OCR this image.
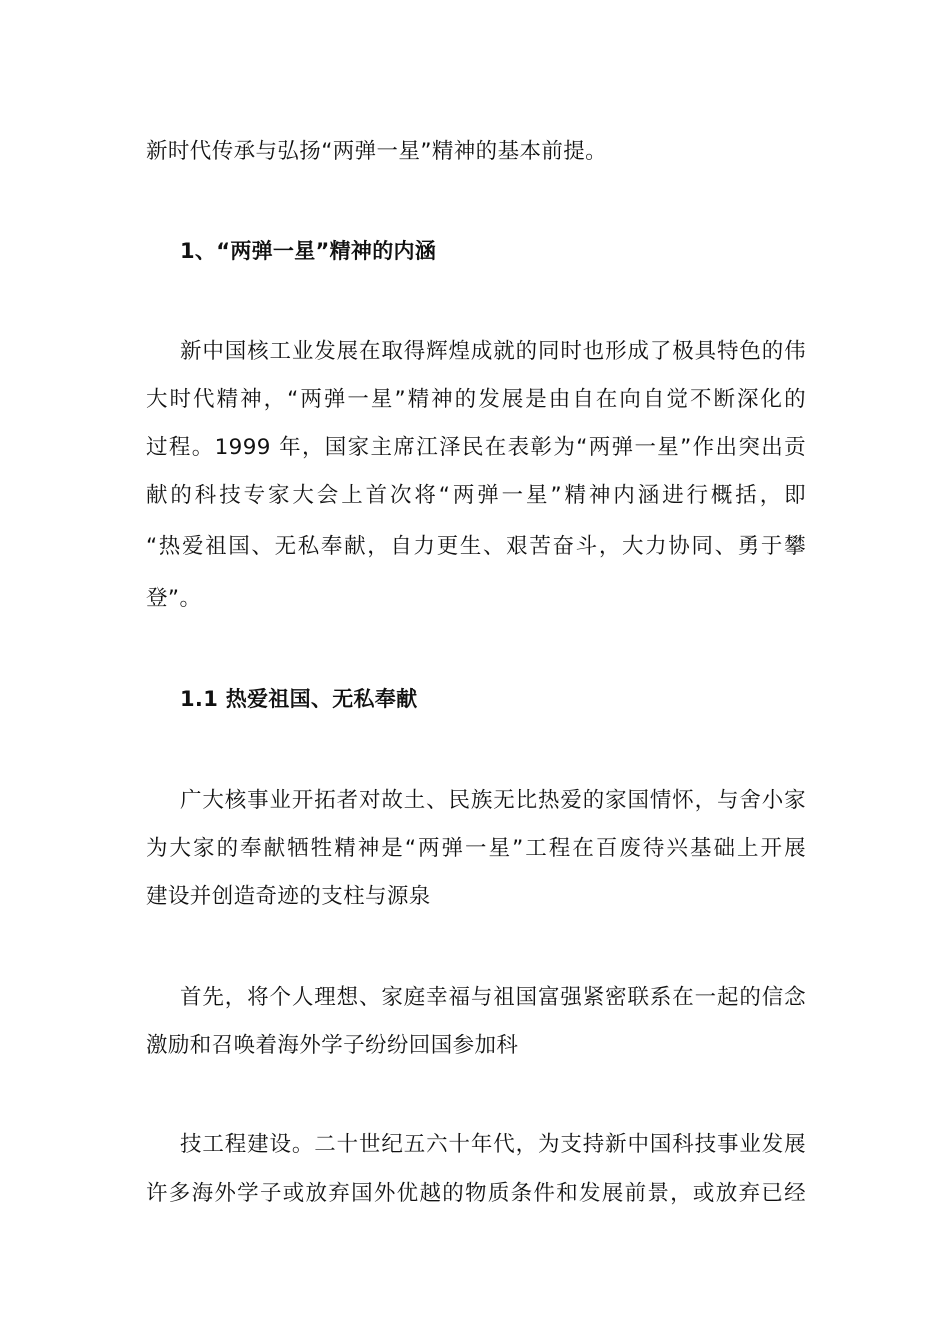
新时代传承与弘扬“两弹一星”精神的基本前提。
1、“两弹一星”精神的内涵
新中国核工业发展在取得辉煌成就的同时也形成了极具特色的伟
大时代精神，“两弹一星”精神的发展是由自在向自觉不断深化的
过程。1999 年，国家主席江泽民在表彰为“两弹一星”作出突出贡
献的科技专家大会上首次将“两弹一星”精神内涵进行概括，即
“热爱祖国、无私奉献，自力更生、艰苦奋斗，大力协同、勇于攀
登”。
1.1 热爱祖国、无私奉献
广大核事业开拓者对故土、民族无比热爱的家国情怀，与舍小家
为大家的奉献牺牲精神是“两弹一星”工程在百废待兴基础上开展
建设并创造奇迹的支柱与源泉
首先，将个人理想、家庭幸福与祖国富强紧密联系在一起的信念
激励和召唤着海外学子纷纷回国参加科
技工程建设。二十世纪五六十年代，为支持新中国科技事业发展
许多海外学子或放弃国外优越的物质条件和发展前景，或放弃已经
